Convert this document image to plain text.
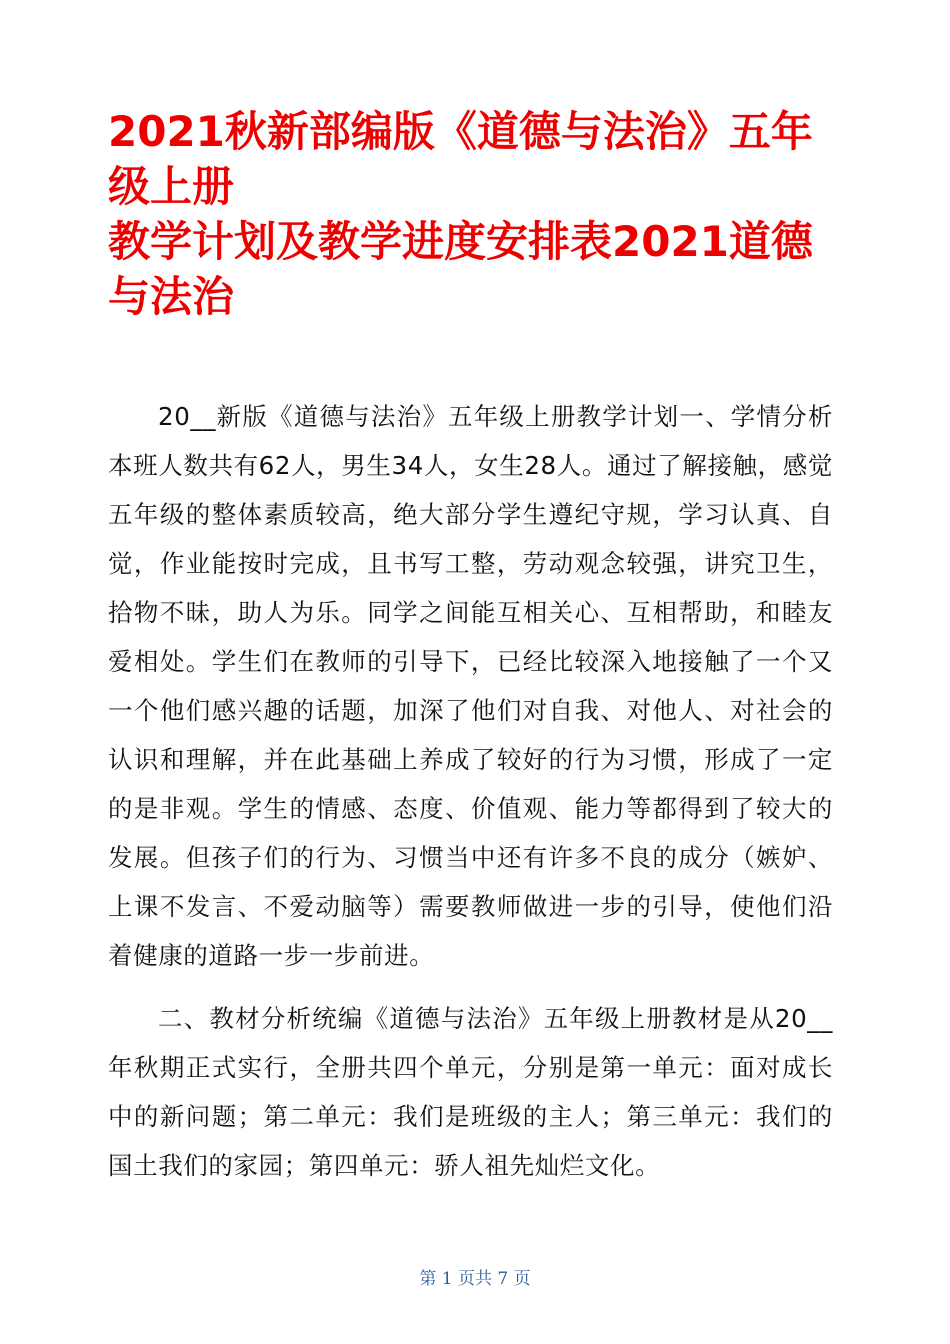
2021秋新部编版《道德与法治》五年级上册
教学计划及教学进度安排表2021道德与法治

20__新版《道德与法治》五年级上册教学计划一、学情分析本班人数共有62人，男生34人，女生28人。通过了解接触，感觉五年级的整体素质较高，绝大部分学生遵纪守规，学习认真、自觉，作业能按时完成，且书写工整，劳动观念较强，讲究卫生，拾物不昧，助人为乐。同学之间能互相关心、互相帮助，和睦友爱相处。学生们在教师的引导下，已经比较深入地接触了一个又一个他们感兴趣的话题，加深了他们对自我、对他人、对社会的认识和理解，并在此基础上养成了较好的行为习惯，形成了一定的是非观。学生的情感、态度、价值观、能力等都得到了较大的发展。但孩子们的行为、习惯当中还有许多不良的成分（嫉妒、上课不发言、不爱动脑等）需要教师做进一步的引导，使他们沿着健康的道路一步一步前进。

二、教材分析统编《道德与法治》五年级上册教材是从20__年秋期正式实行，全册共四个单元，分别是第一单元：面对成长中的新问题；第二单元：我们是班级的主人；第三单元：我们的国土我们的家园；第四单元：骄人祖先灿烂文化。

第 1 页共 7 页
